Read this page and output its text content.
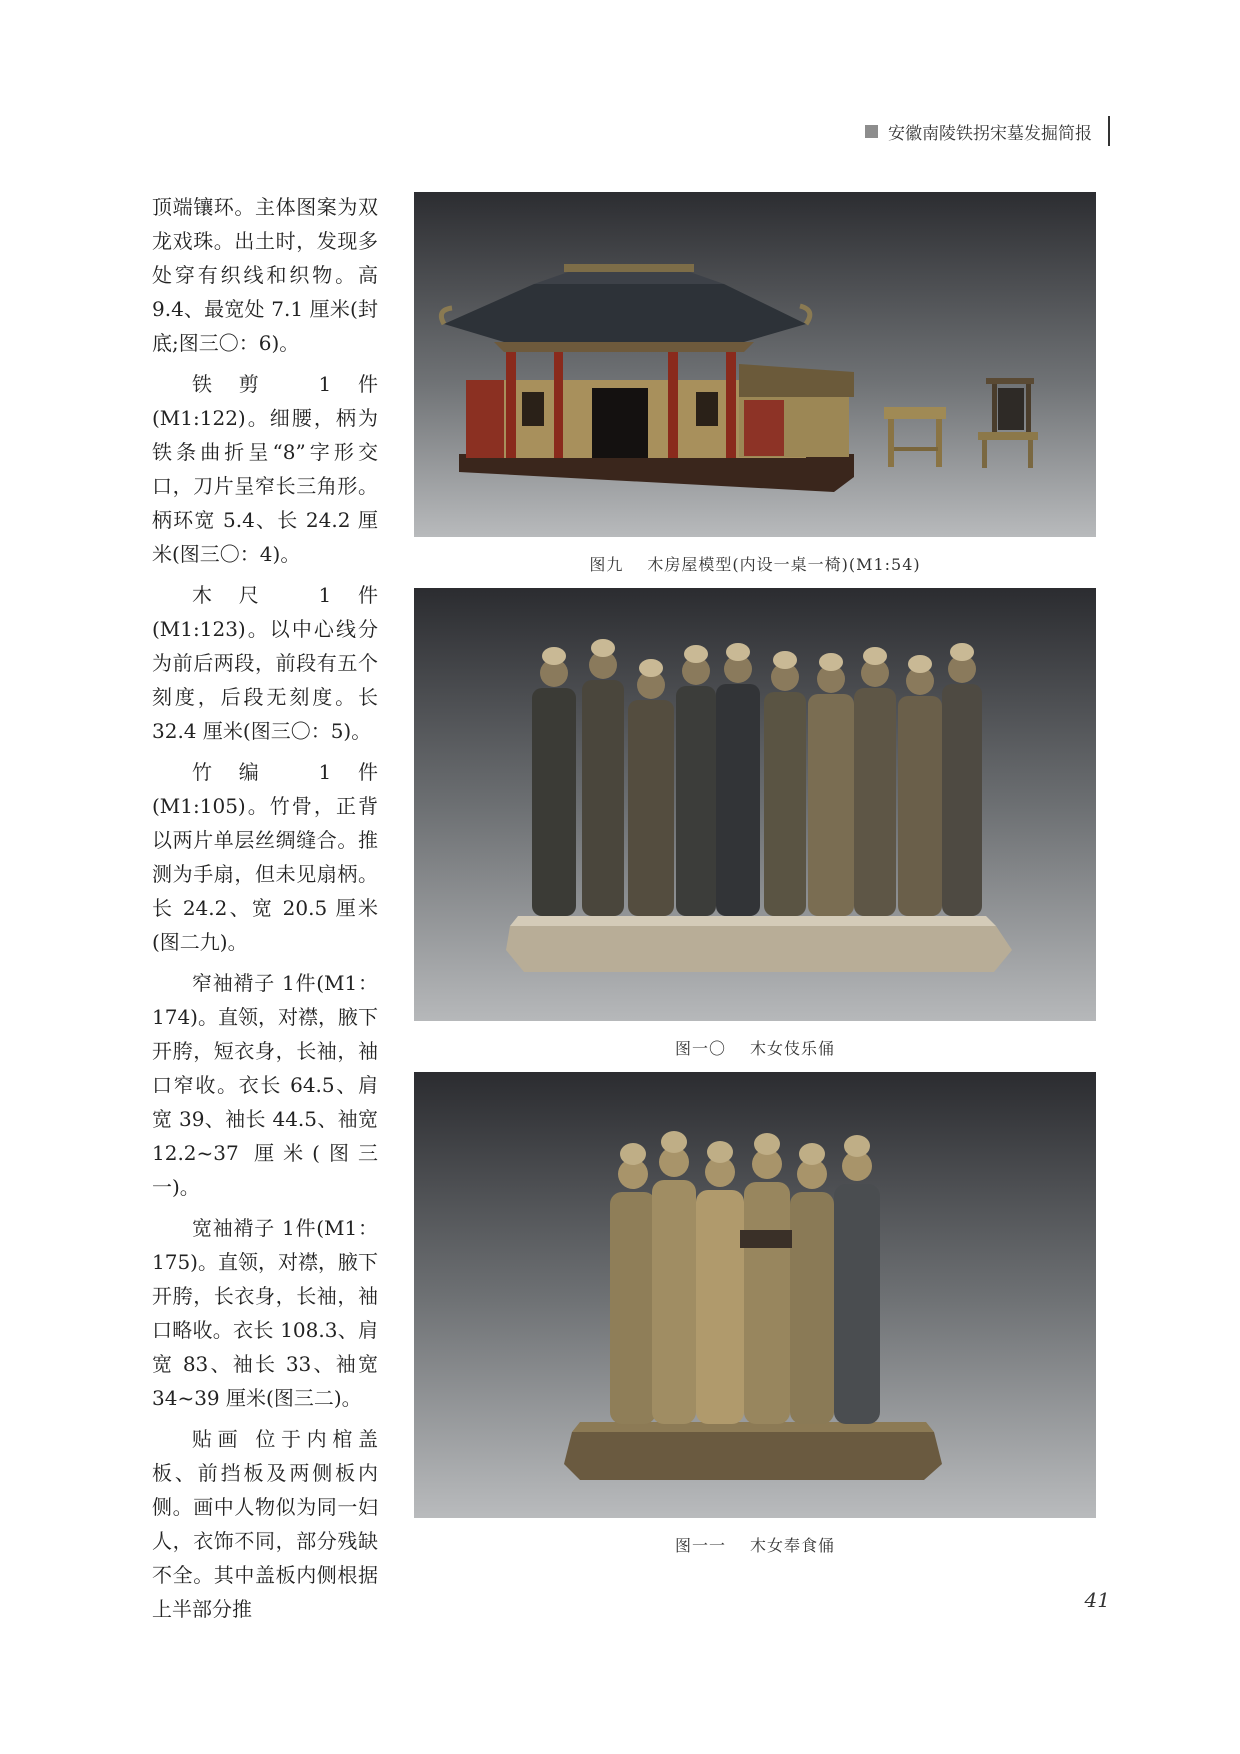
安徽南陵铁拐宋墓发掘简报

顶端镶环。主体图案为双龙戏珠。出土时，发现多处穿有织线和织物。高 9.4、最宽处 7.1 厘米(封底;图三〇：6)。

铁剪 1件(M1:122)。细腰，柄为铁条曲折呈“8”字形交口，刀片呈窄长三角形。柄环宽 5.4、长 24.2 厘米(图三〇：4)。

木尺 1件(M1:123)。以中心线分为前后两段，前段有五个刻度，后段无刻度。长 32.4 厘米(图三〇：5)。

竹编 1件(M1:105)。竹骨，正背以两片单层丝绸缝合。推测为手扇，但未见扇柄。长 24.2、宽 20.5 厘米(图二九)。

窄袖褙子 1件(M1：174)。直领，对襟，腋下开胯，短衣身，长袖，袖口窄收。衣长 64.5、肩宽 39、袖长 44.5、袖宽 12.2~37 厘米(图三一)。

宽袖褙子 1件(M1：175)。直领，对襟，腋下开胯，长衣身，长袖，袖口略收。衣长 108.3、肩宽 83、袖长 33、袖宽 34~39 厘米(图三二)。

贴画 位于内棺盖板、前挡板及两侧板内侧。画中人物似为同一妇人，衣饰不同，部分残缺不全。其中盖板内侧根据上半部分推

图九 木房屋模型(内设一桌一椅)(M1:54)
图一〇 木女伎乐俑
图一一 木女奉食俑
41
